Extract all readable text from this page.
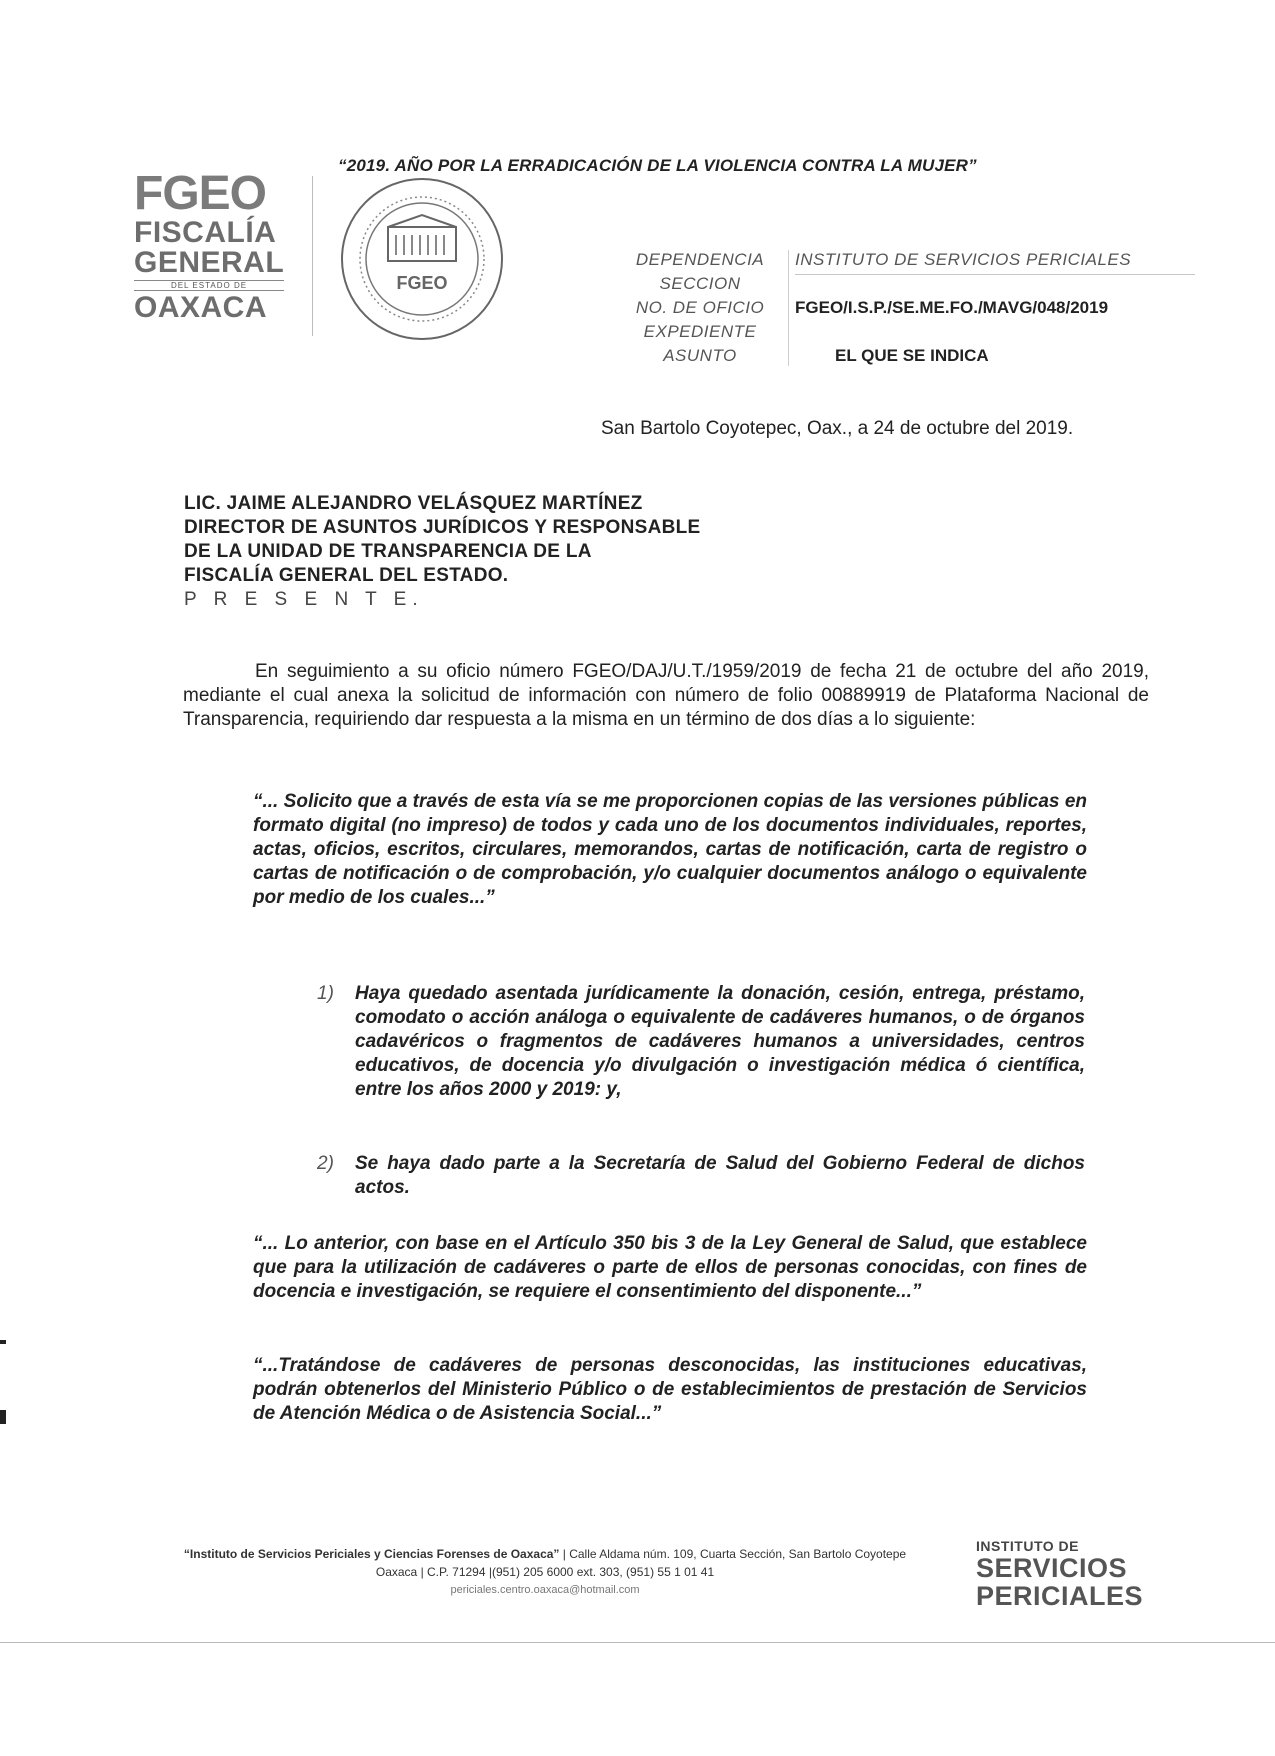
“2019. AÑO POR LA ERRADICACIÓN DE LA VIOLENCIA CONTRA LA MUJER”
FGEO
FISCALÍA
GENERAL
DEL ESTADO DE
OAXACA
FGEO
DEPENDENCIA	INSTITUTO DE SERVICIOS PERICIALES
SECCION
NO. DE OFICIO	FGEO/I.S.P./SE.ME.FO./MAVG/048/2019
EXPEDIENTE
ASUNTO	EL QUE SE INDICA
San Bartolo Coyotepec, Oax., a 24 de octubre del 2019.
LIC. JAIME ALEJANDRO VELÁSQUEZ MARTÍNEZ
DIRECTOR DE ASUNTOS JURÍDICOS Y RESPONSABLE
DE LA UNIDAD DE TRANSPARENCIA DE LA
FISCALÍA GENERAL DEL ESTADO.
P R E S E N T E.
En seguimiento a su oficio número FGEO/DAJ/U.T./1959/2019 de fecha 21 de octubre del año 2019, mediante el cual anexa la solicitud de información con número de folio 00889919 de Plataforma Nacional de Transparencia, requiriendo dar respuesta a la misma en un término de dos días a lo siguiente:
“... Solicito que a través de esta vía se me proporcionen copias de las versiones públicas en formato digital (no impreso) de todos y cada uno de los documentos individuales, reportes, actas, oficios, escritos, circulares, memorandos, cartas de notificación, carta de registro o cartas de notificación o de comprobación, y/o cualquier documentos análogo o equivalente por medio de los cuales...”
1) Haya quedado asentada jurídicamente la donación, cesión, entrega, préstamo, comodato o acción análoga o equivalente de cadáveres humanos, o de órganos cadavéricos o fragmentos de cadáveres humanos a universidades, centros educativos, de docencia y/o divulgación o investigación médica ó científica, entre los años 2000 y 2019: y,
2) Se haya dado parte a la Secretaría de Salud del Gobierno Federal de dichos actos.
“... Lo anterior, con base en el Artículo 350 bis 3 de la Ley General de Salud, que establece que para la utilización de cadáveres o parte de ellos de personas conocidas, con fines de docencia e investigación, se requiere el consentimiento del disponente...”
“...Tratándose de cadáveres de personas desconocidas, las instituciones educativas, podrán obtenerlos del Ministerio Público o de establecimientos de prestación de Servicios de Atención Médica o de Asistencia Social...”
“Instituto de Servicios Periciales y Ciencias Forenses de Oaxaca” | Calle Aldama núm. 109, Cuarta Sección, San Bartolo Coyotepe
Oaxaca | C.P. 71294 |(951) 205 6000 ext. 303, (951) 55 1 01 41
periciales.centro.oaxaca@hotmail.com
INSTITUTO DE
SERVICIOS
PERICIALES
